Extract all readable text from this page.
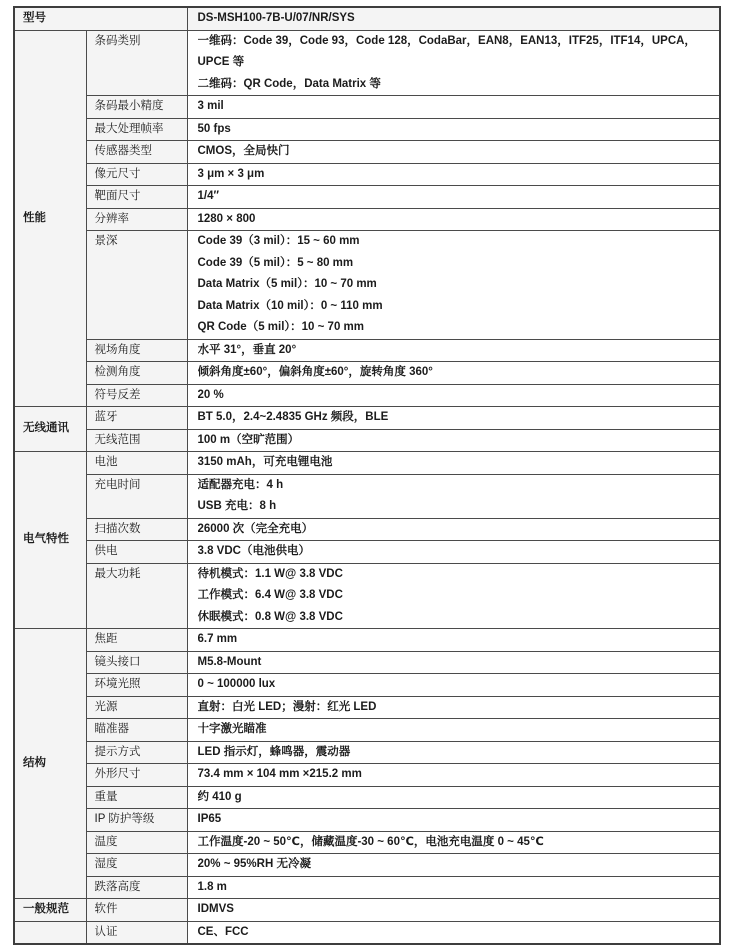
型号		DS-MSH100-7B-U/07/NR/SYS

性能	条码类别	一维码：Code 39，Code 93，Code 128，CodaBar，EAN8，EAN13，ITF25，ITF14，UPCA，
UPCE 等
二维码：QR Code，Data Matrix 等

	条码最小精度	3 mil

	最大处理帧率	50 fps

	传感器类型	CMOS，全局快门

	像元尺寸	3 μm × 3 μm

	靶面尺寸	1/4″

	分辨率	1280 × 800

	景深	Code 39（3 mil）：15 ~ 60 mm
Code 39（5 mil）：5 ~ 80 mm
Data Matrix（5 mil）：10 ~ 70 mm
Data Matrix（10 mil）：0 ~ 110 mm
QR Code（5 mil）：10 ~ 70 mm

	视场角度	水平 31°，垂直 20°

	检测角度	倾斜角度±60°，偏斜角度±60°，旋转角度 360°

	符号反差	20 %

无线通讯	蓝牙	BT 5.0，2.4~2.4835 GHz 频段，BLE

	无线范围	100 m（空旷范围）

电气特性	电池	3150 mAh，可充电锂电池

	充电时间	适配器充电：4 h
USB 充电：8 h

	扫描次数	26000 次（完全充电）

	供电	3.8 VDC（电池供电）

	最大功耗	待机模式：1.1 W@ 3.8 VDC
工作模式：6.4 W@ 3.8 VDC
休眠模式：0.8 W@ 3.8 VDC

结构	焦距	6.7 mm

	镜头接口	M5.8-Mount

	环境光照	0 ~ 100000 lux

	光源	直射：白光 LED；漫射：红光 LED

	瞄准器	十字激光瞄准

	提示方式	LED 指示灯，蜂鸣器，震动器

	外形尺寸	73.4 mm × 104 mm ×215.2 mm

	重量	约 410 g

	IP 防护等级	IP65

	温度	工作温度-20 ~ 50℃，储藏温度-30 ~ 60℃，电池充电温度 0 ~ 45℃

	湿度	20% ~ 95%RH 无冷凝

	跌落高度	1.8 m

一般规范	软件	IDMVS

	认证	CE、FCC
